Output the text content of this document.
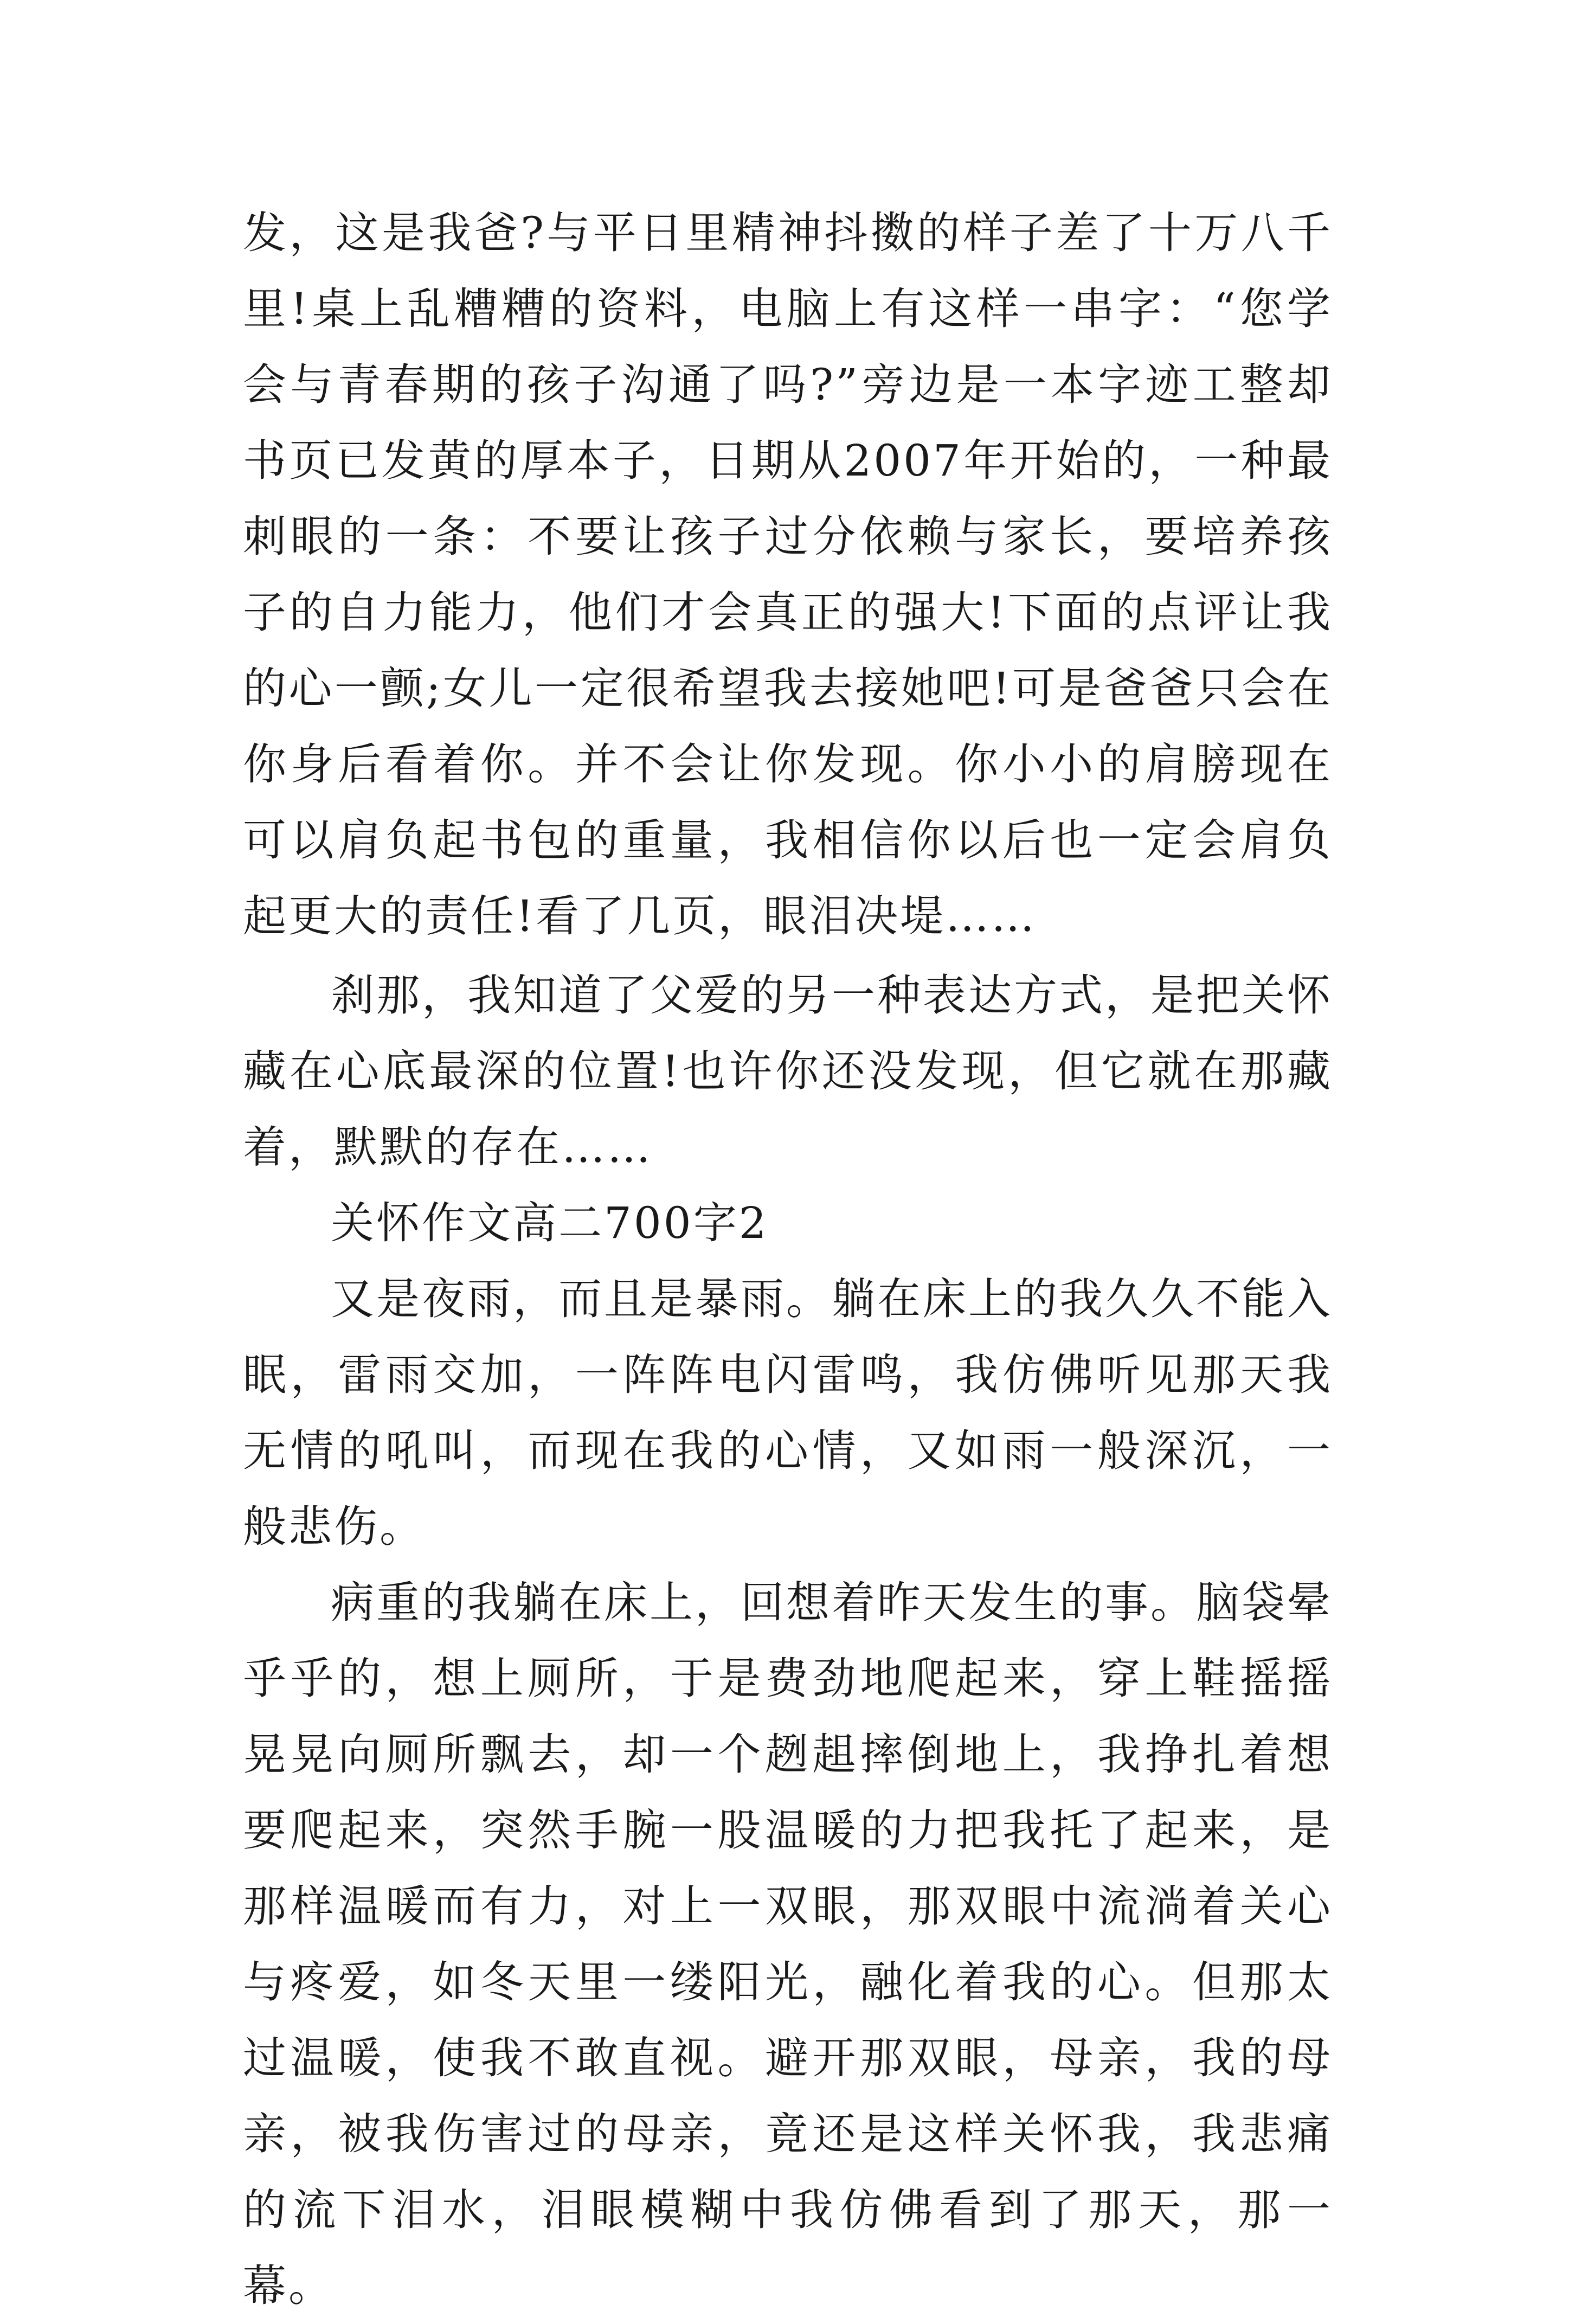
发，这是我爸?与平日里精神抖擞的样子差了十万八千里!桌上乱糟糟的资料，电脑上有这样一串字：“您学会与青春期的孩子沟通了吗?”旁边是一本字迹工整却书页已发黄的厚本子，日期从2007年开始的，一种最刺眼的一条：不要让孩子过分依赖与家长，要培养孩子的自力能力，他们才会真正的强大!下面的点评让我的心一颤;女儿一定很希望我去接她吧!可是爸爸只会在你身后看着你。并不会让你发现。你小小的肩膀现在可以肩负起书包的重量，我相信你以后也一定会肩负起更大的责任!看了几页，眼泪决堤……

刹那，我知道了父爱的另一种表达方式，是把关怀藏在心底最深的位置!也许你还没发现，但它就在那藏着，默默的存在……

关怀作文高二700字2

又是夜雨，而且是暴雨。躺在床上的我久久不能入眠，雷雨交加，一阵阵电闪雷鸣，我仿佛听见那天我无情的吼叫，而现在我的心情，又如雨一般深沉，一般悲伤。

病重的我躺在床上，回想着昨天发生的事。脑袋晕乎乎的，想上厕所，于是费劲地爬起来，穿上鞋摇摇晃晃向厕所飘去，却一个趔趄摔倒地上，我挣扎着想要爬起来，突然手腕一股温暖的力把我托了起来，是那样温暖而有力，对上一双眼，那双眼中流淌着关心与疼爱，如冬天里一缕阳光，融化着我的心。但那太过温暖，使我不敢直视。避开那双眼，母亲，我的母亲，被我伤害过的母亲，竟还是这样关怀我，我悲痛的流下泪水，泪眼模糊中我仿佛看到了那天，那一幕。
